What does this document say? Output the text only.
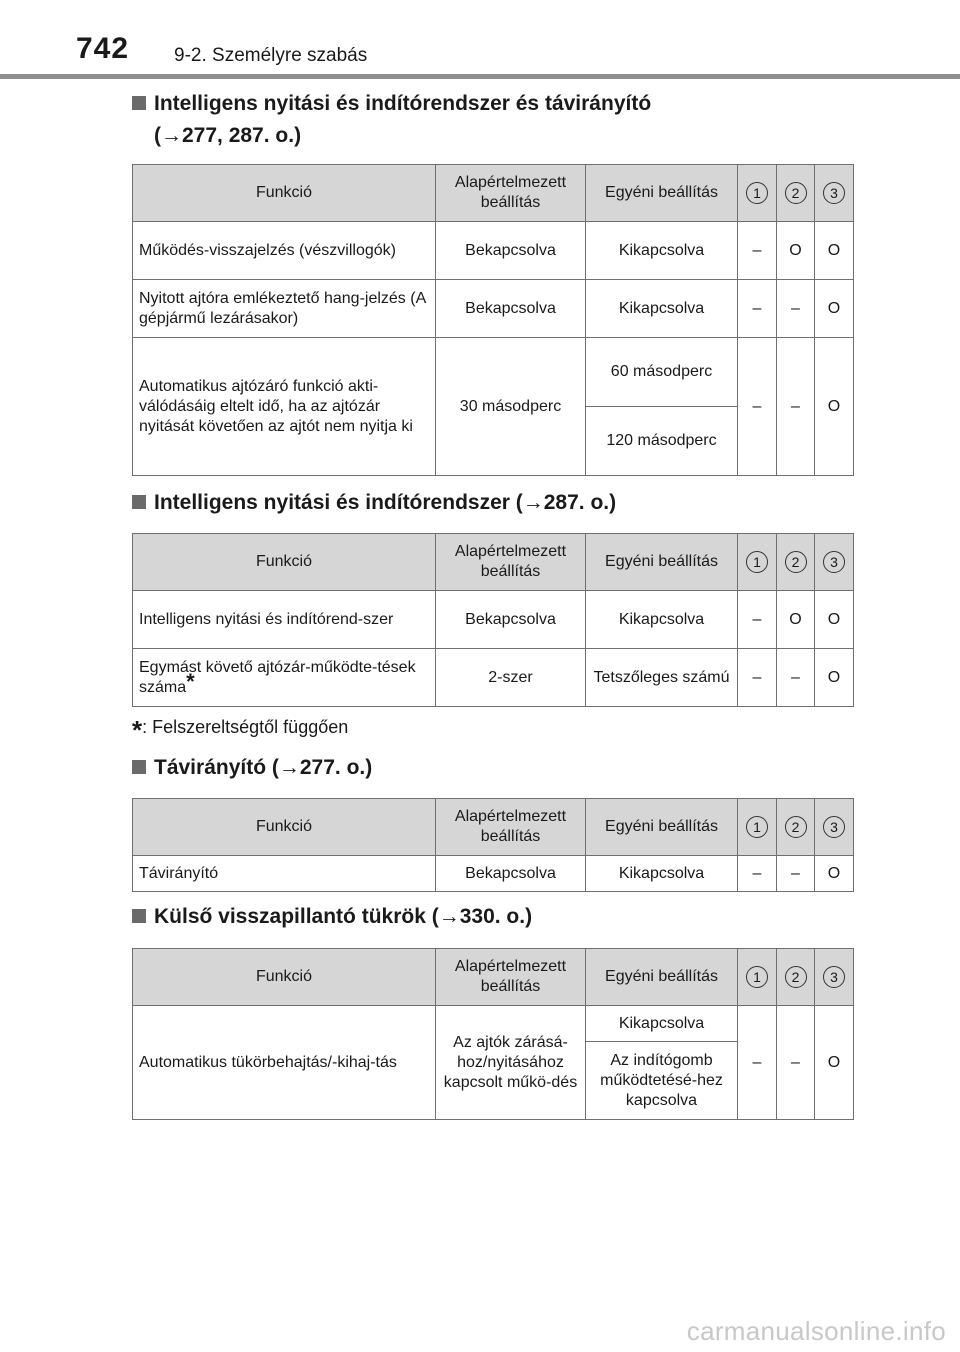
742 9-2. Személyre szabás
Intelligens nyitási és indítórendszer és távirányító
(→277, 287. o.)
Funkció	Alapértelmezett beállítás	Egyéni beállítás	1	2	3
Működés-visszajelzés (vészvillogók)	Bekapcsolva	Kikapcsolva	–	O	O
Nyitott ajtóra emlékeztető hang-jelzés (A gépjármű lezárásakor)	Bekapcsolva	Kikapcsolva	–	–	O
Automatikus ajtózáró funkció akti-válódásáig eltelt idő, ha az ajtózár nyitását követően az ajtót nem nyitja ki	30 másodperc	60 másodperc	–	–	O
		120 másodperc			
Intelligens nyitási és indítórendszer (→287. o.)
Funkció	Alapértelmezett beállítás	Egyéni beállítás	1	2	3
Intelligens nyitási és indítórend-szer	Bekapcsolva	Kikapcsolva	–	O	O
Egymást követő ajtózár-működte-tések száma*	2-szer	Tetszőleges számú	–	–	O
*: Felszereltségtől függően
Távirányító (→277. o.)
Funkció	Alapértelmezett beállítás	Egyéni beállítás	1	2	3
Távirányító	Bekapcsolva	Kikapcsolva	–	–	O
Külső visszapillantó tükrök (→330. o.)
Funkció	Alapértelmezett beállítás	Egyéni beállítás	1	2	3
Automatikus tükörbehajtás/-kihaj-tás	Az ajtók zárásá-hoz/nyitásához kapcsolt műkö-dés	Kikapcsolva	–	–	O
		Az indítógomb működtetésé-hez kapcsolva			
carmanualsonline.info
